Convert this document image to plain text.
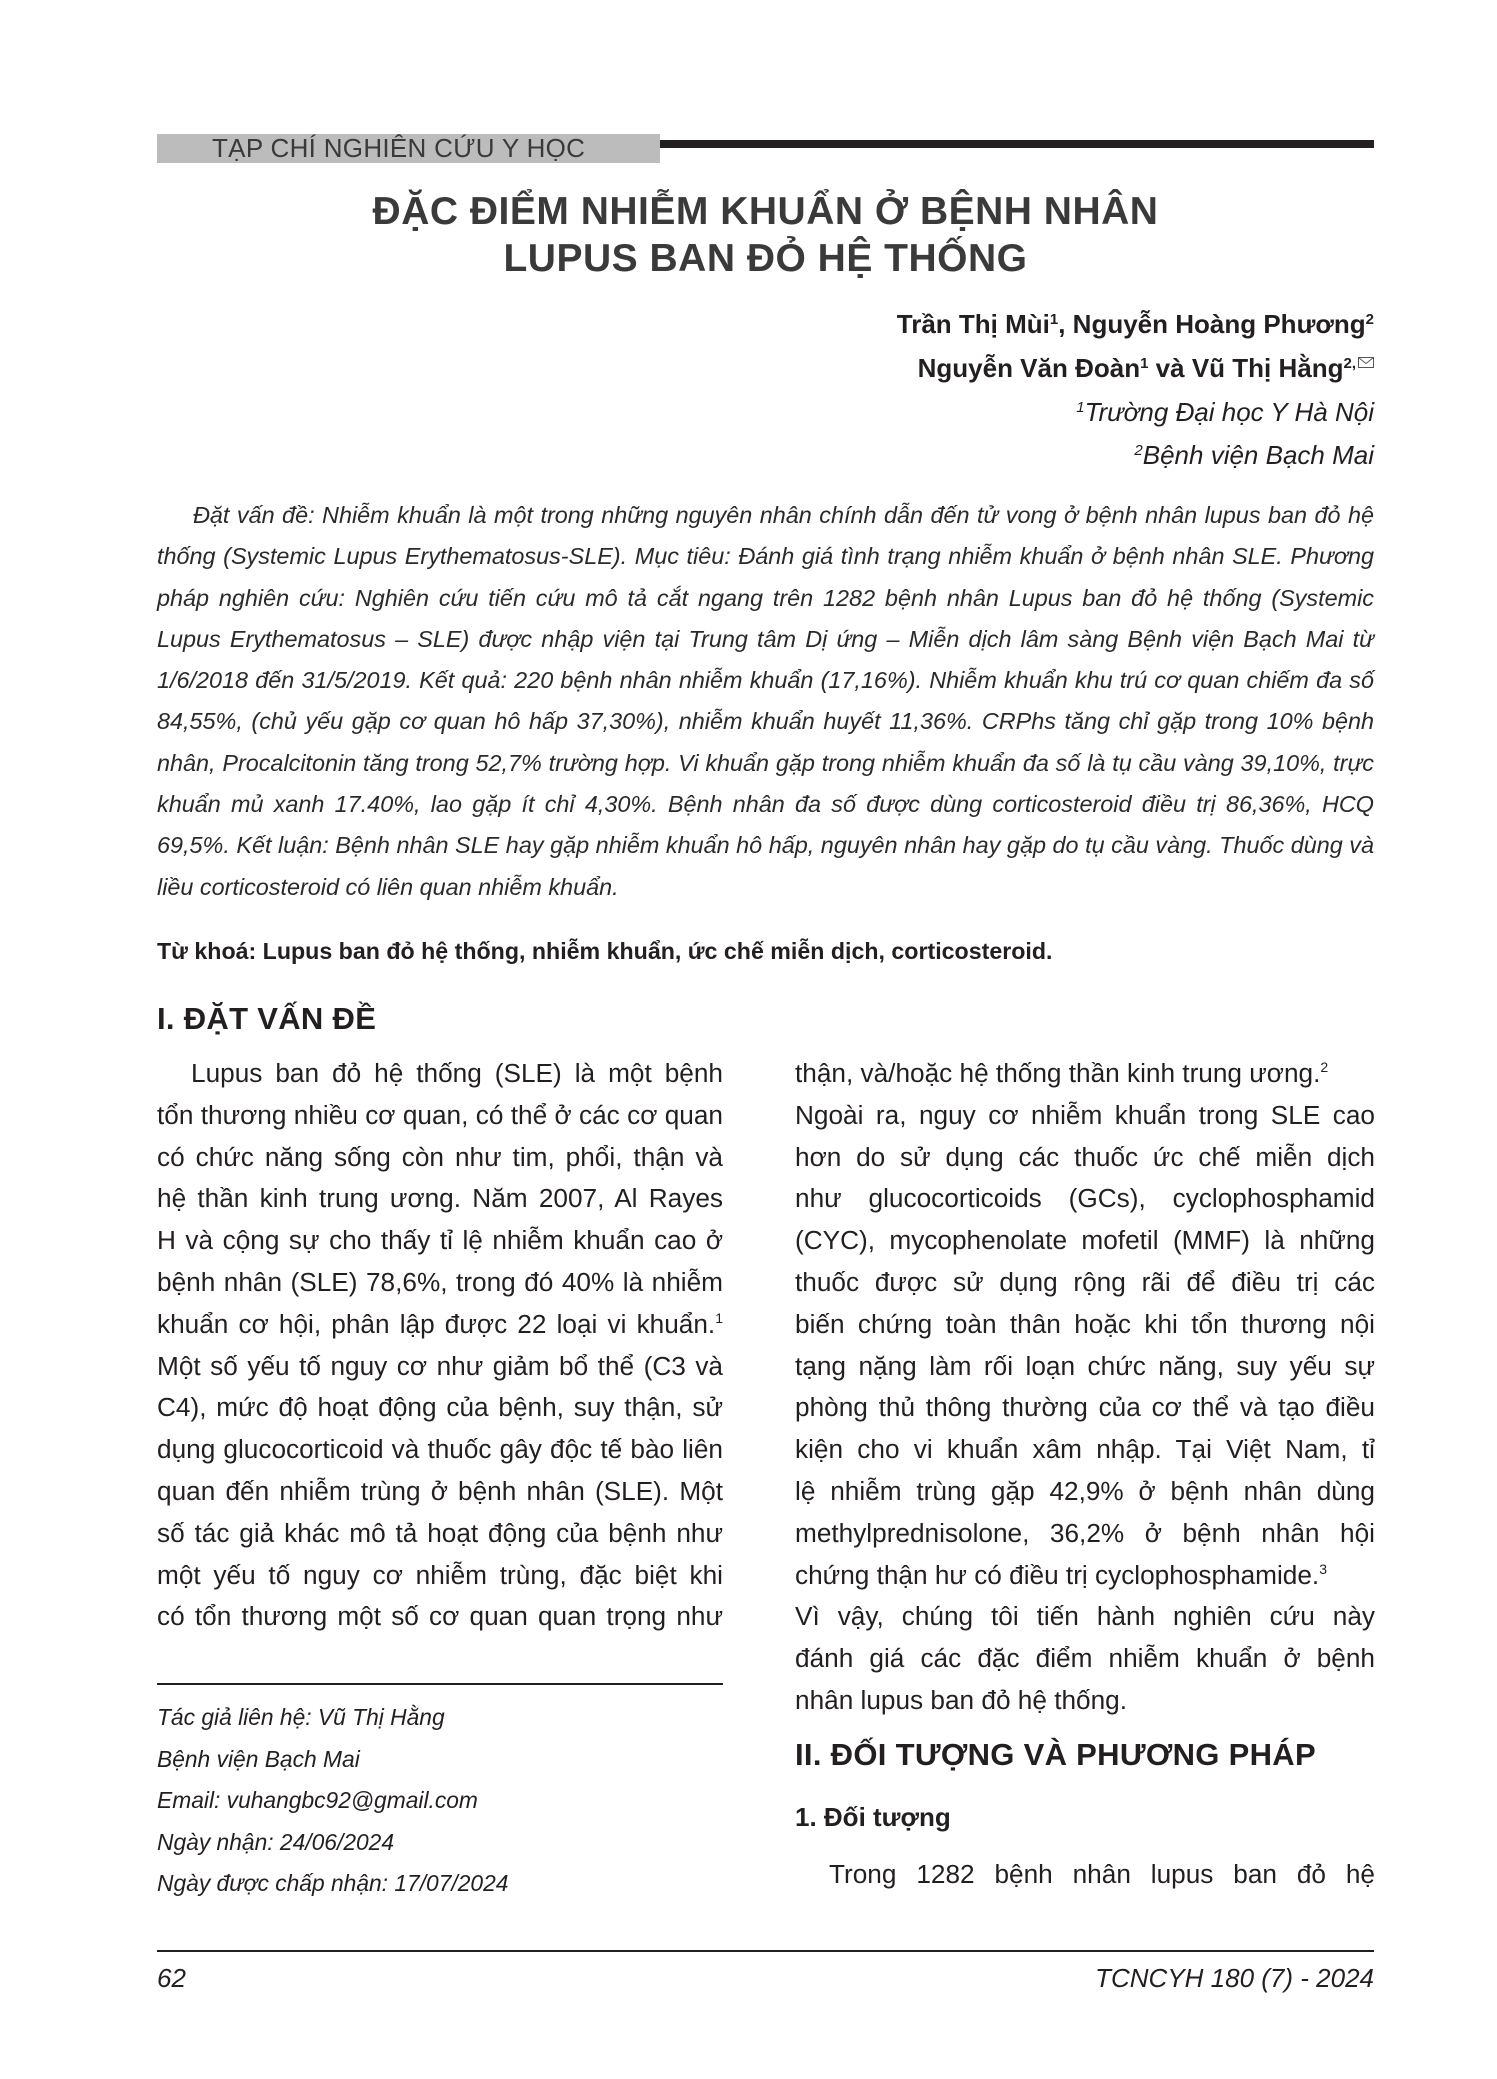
TẠP CHÍ NGHIÊN CỨU Y HỌC
ĐẶC ĐIỂM NHIỄM KHUẨN Ở BỆNH NHÂN
LUPUS BAN ĐỎ HỆ THỐNG
Trần Thị Mùi$^1$, Nguyễn Hoàng Phương$^2$
Nguyễn Văn Đoàn$^1$ và Vũ Thị Hằng$^{2,}$
$^1$Trường Đại học Y Hà Nội
$^2$Bệnh viện Bạch Mai

Đặt vấn đề: Nhiễm khuẩn là một trong những nguyên nhân chính dẫn đến tử vong ở bệnh nhân lupus ban đỏ hệ thống (Systemic Lupus Erythematosus-SLE). Mục tiêu: Đánh giá tình trạng nhiễm khuẩn ở bệnh nhân SLE. Phương pháp nghiên cứu: Nghiên cứu tiến cứu mô tả cắt ngang trên 1282 bệnh nhân Lupus ban đỏ hệ thống (Systemic Lupus Erythematosus – SLE) được nhập viện tại Trung tâm Dị ứng – Miễn dịch lâm sàng Bệnh viện Bạch Mai từ 1/6/2018 đến 31/5/2019. Kết quả: 220 bệnh nhân nhiễm khuẩn (17,16%). Nhiễm khuẩn khu trú cơ quan chiếm đa số 84,55%, (chủ yếu gặp cơ quan hô hấp 37,30%), nhiễm khuẩn huyết 11,36%. CRPhs tăng chỉ gặp trong 10% bệnh nhân, Procalcitonin tăng trong 52,7% trường hợp. Vi khuẩn gặp trong nhiễm khuẩn đa số là tụ cầu vàng 39,10%, trực khuẩn mủ xanh 17.40%, lao gặp ít chỉ 4,30%. Bệnh nhân đa số được dùng corticosteroid điều trị 86,36%, HCQ 69,5%. Kết luận: Bệnh nhân SLE hay gặp nhiễm khuẩn hô hấp, nguyên nhân hay gặp do tụ cầu vàng. Thuốc dùng và liều corticosteroid có liên quan nhiễm khuẩn.

Từ khoá: Lupus ban đỏ hệ thống, nhiễm khuẩn, ức chế miễn dịch, corticosteroid.
I. ĐẶT VẤN ĐỀ
Lupus ban đỏ hệ thống (SLE) là một bệnh
tổn thương nhiều cơ quan, có thể ở các cơ quan
có chức năng sống còn như tim, phổi, thận và
hệ thần kinh trung ương. Năm 2007, Al Rayes
H và cộng sự cho thấy tỉ lệ nhiễm khuẩn cao ở
bệnh nhân (SLE) 78,6%, trong đó 40% là nhiễm
khuẩn cơ hội, phân lập được 22 loại vi khuẩn.$^1$
Một số yếu tố nguy cơ như giảm bổ thể (C3 và
C4), mức độ hoạt động của bệnh, suy thận, sử
dụng glucocorticoid và thuốc gây độc tế bào liên
quan đến nhiễm trùng ở bệnh nhân (SLE). Một
số tác giả khác mô tả hoạt động của bệnh như
một yếu tố nguy cơ nhiễm trùng, đặc biệt khi
có tổn thương một số cơ quan quan trọng như
thận, và/hoặc hệ thống thần kinh trung ương.$^2$
Ngoài ra, nguy cơ nhiễm khuẩn trong SLE cao
hơn do sử dụng các thuốc ức chế miễn dịch
như glucocorticoids (GCs), cyclophosphamid
(CYC), mycophenolate mofetil (MMF) là những
thuốc được sử dụng rộng rãi để điều trị các
biến chứng toàn thân hoặc khi tổn thương nội
tạng nặng làm rối loạn chức năng, suy yếu sự
phòng thủ thông thường của cơ thể và tạo điều
kiện cho vi khuẩn xâm nhập. Tại Việt Nam, tỉ
lệ nhiễm trùng gặp 42,9% ở bệnh nhân dùng
methylprednisolone, 36,2% ở bệnh nhân hội
chứng thận hư có điều trị cyclophosphamide.$^3$
Vì vậy, chúng tôi tiến hành nghiên cứu này
đánh giá các đặc điểm nhiễm khuẩn ở bệnh
nhân lupus ban đỏ hệ thống.
Tác giả liên hệ: Vũ Thị Hằng
Bệnh viện Bạch Mai
Email: vuhangbc92@gmail.com
Ngày nhận: 24/06/2024
Ngày được chấp nhận: 17/07/2024
II. ĐỐI TƯỢNG VÀ PHƯƠNG PHÁP
1. Đối tượng
Trong 1282 bệnh nhân lupus ban đỏ hệ
62	TCNCYH 180 (7) - 2024
